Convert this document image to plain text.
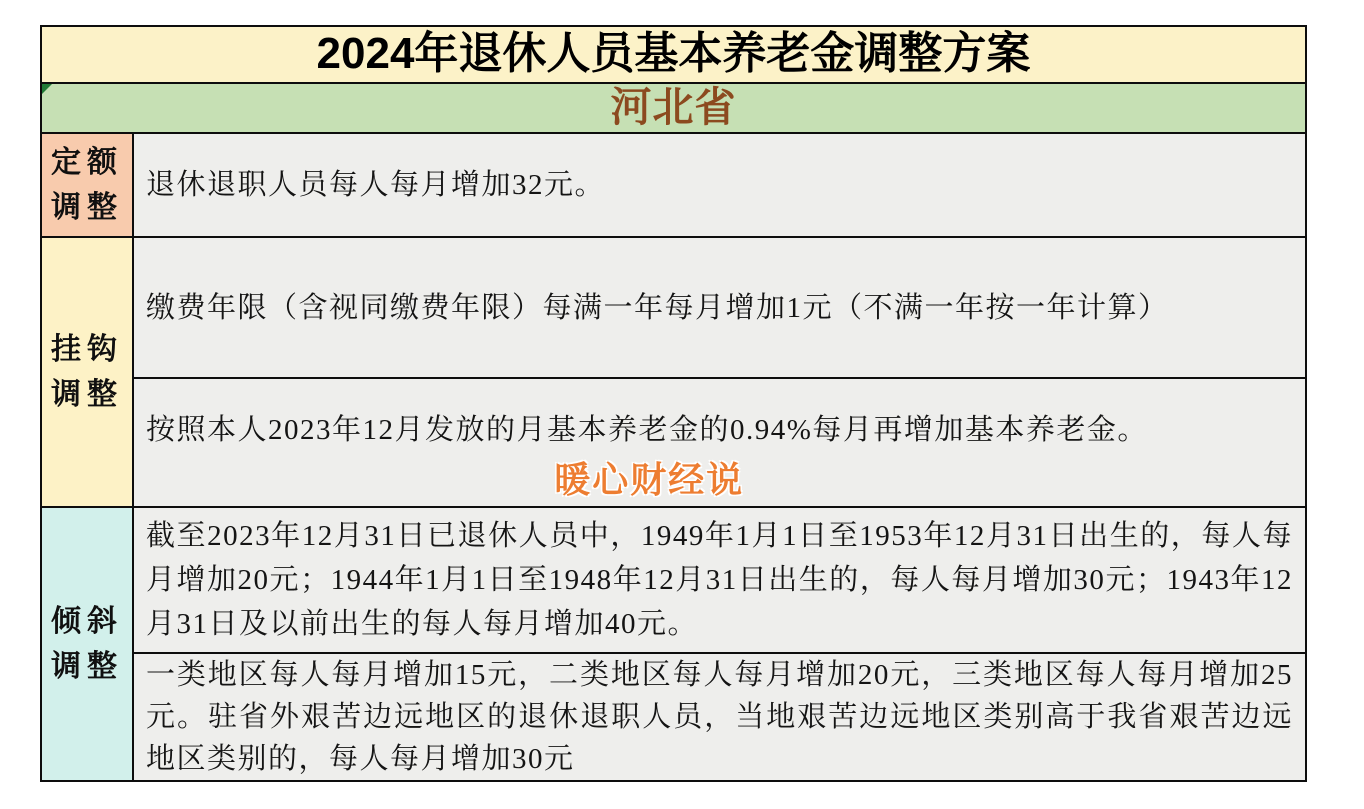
2024年退休人员基本养老金调整方案	

河北省	
定额调整	退休退职人员每人每月增加32元。
挂钩调整	缴费年限（含视同缴费年限）每满一年每月增加1元（不满一年按一年计算）

	按照本人2023年12月发放的月基本养老金的0.94%每月再增加基本养老金。
暖心财经说

倾斜调整	截至2023年12月31日已退休人员中，1949年1月1日至1953年12月31日出生的，每人每月增加20元；1944年1月1日至1948年12月31日出生的，每人每月增加30元；1943年12月31日及以前出生的每人每月增加40元。
	一类地区每人每月增加15元，二类地区每人每月增加20元，三类地区每人每月增加25元。驻省外艰苦边远地区的退休退职人员，当地艰苦边远地区类别高于我省艰苦边远地区类别的，每人每月增加30元
